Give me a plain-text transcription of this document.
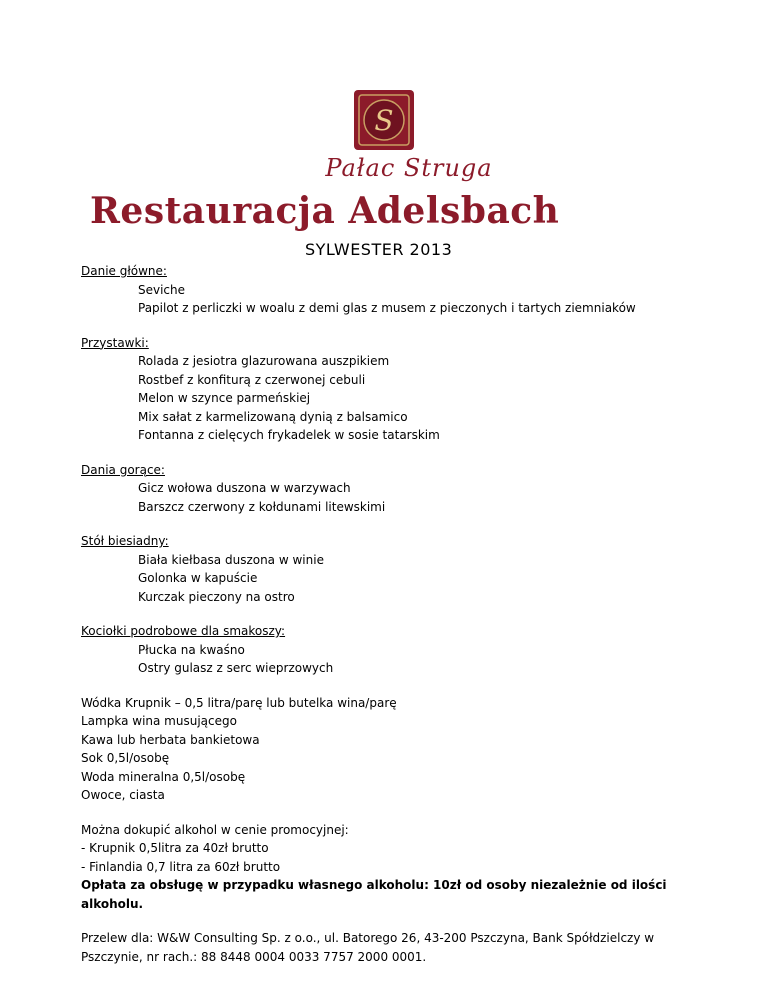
S
Pałac Struga
Restauracja Adelsbach
SYLWESTER 2013
Danie główne:
Seviche
Papilot z perliczki w woalu z demi glas z musem z pieczonych i tartych ziemniaków
Przystawki:
Rolada z jesiotra glazurowana auszpikiem
Rostbef z konfiturą z czerwonej cebuli
Melon w szynce parmeńskiej
Mix sałat z karmelizowaną dynią z balsamico
Fontanna z cielęcych frykadelek w sosie tatarskim
Dania gorące:
Gicz wołowa duszona w warzywach
Barszcz czerwony z kołdunami litewskimi
Stół biesiadny:
Biała kiełbasa duszona w winie
Golonka w kapuście
Kurczak pieczony na ostro
Kociołki podrobowe dla smakoszy:
Płucka na kwaśno
Ostry gulasz z serc wieprzowych
Wódka Krupnik – 0,5 litra/parę lub butelka wina/parę
Lampka wina musującego
Kawa lub herbata bankietowa
Sok 0,5l/osobę
Woda mineralna 0,5l/osobę
Owoce, ciasta
Można dokupić alkohol w cenie promocyjnej:
- Krupnik 0,5litra za 40zł brutto
- Finlandia 0,7 litra za 60zł brutto
Opłata za obsługę w przypadku własnego alkoholu: 10zł od osoby niezależnie od ilości alkoholu.
Przelew dla: W&W Consulting Sp. z o.o., ul. Batorego 26, 43-200 Pszczyna, Bank Spółdzielczy w Pszczynie, nr rach.: 88 8448 0004 0033 7757 2000 0001.
